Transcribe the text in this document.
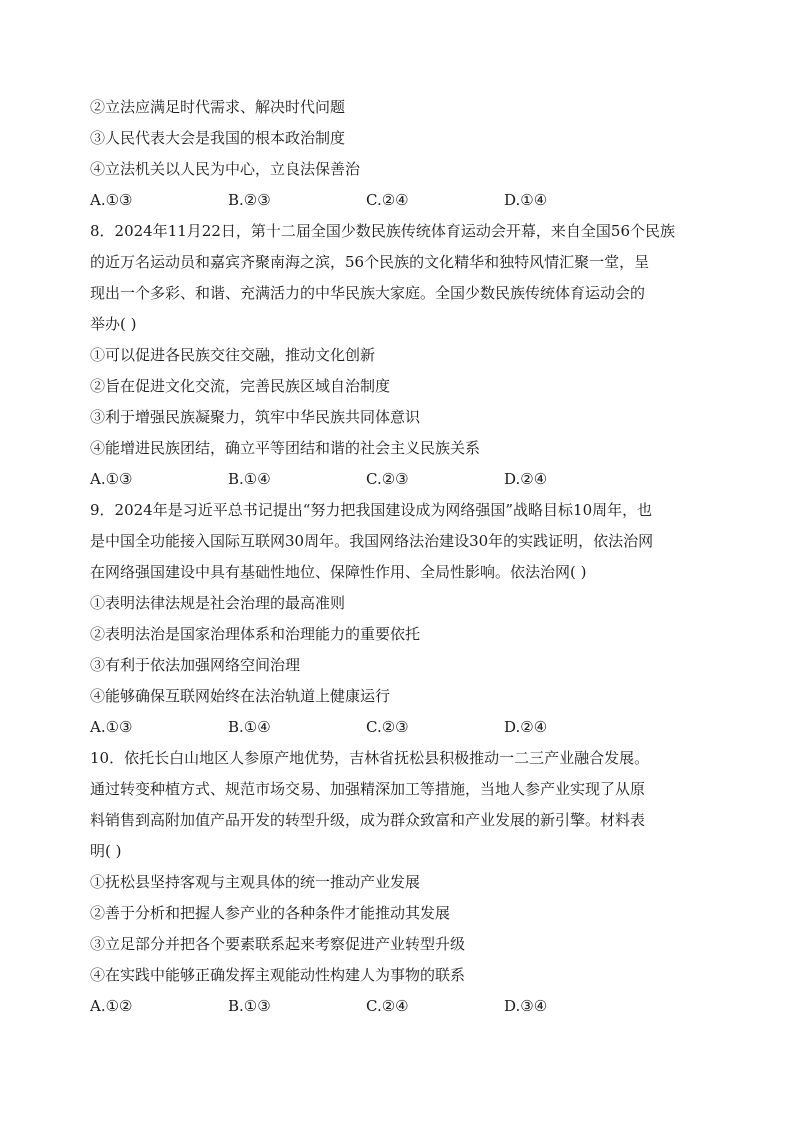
②立法应满足时代需求、解决时代问题
③人民代表大会是我国的根本政治制度
④立法机关以人民为中心，立良法保善治
A.①③	B.②③	C.②④	D.①④
8．2024年11月22日，第十二届全国少数民族传统体育运动会开幕，来自全国56个民族
的近万名运动员和嘉宾齐聚南海之滨，56个民族的文化精华和独特风情汇聚一堂，呈
现出一个多彩、和谐、充满活力的中华民族大家庭。全国少数民族传统体育运动会的
举办( )
①可以促进各民族交往交融，推动文化创新
②旨在促进文化交流，完善民族区域自治制度
③利于增强民族凝聚力，筑牢中华民族共同体意识
④能增进民族团结，确立平等团结和谐的社会主义民族关系
A.①③	B.①④	C.②③	D.②④
9．2024年是习近平总书记提出“努力把我国建设成为网络强国”战略目标10周年，也
是中国全功能接入国际互联网30周年。我国网络法治建设30年的实践证明，依法治网
在网络强国建设中具有基础性地位、保障性作用、全局性影响。依法治网( )
①表明法律法规是社会治理的最高准则
②表明法治是国家治理体系和治理能力的重要依托
③有利于依法加强网络空间治理
④能够确保互联网始终在法治轨道上健康运行
A.①③	B.①④	C.②③	D.②④
10．依托长白山地区人参原产地优势，吉林省抚松县积极推动一二三产业融合发展。
通过转变种植方式、规范市场交易、加强精深加工等措施，当地人参产业实现了从原
料销售到高附加值产品开发的转型升级，成为群众致富和产业发展的新引擎。材料表
明( )
①抚松县坚持客观与主观具体的统一推动产业发展
②善于分析和把握人参产业的各种条件才能推动其发展
③立足部分并把各个要素联系起来考察促进产业转型升级
④在实践中能够正确发挥主观能动性构建人为事物的联系
A.①②	B.①③	C.②④	D.③④
